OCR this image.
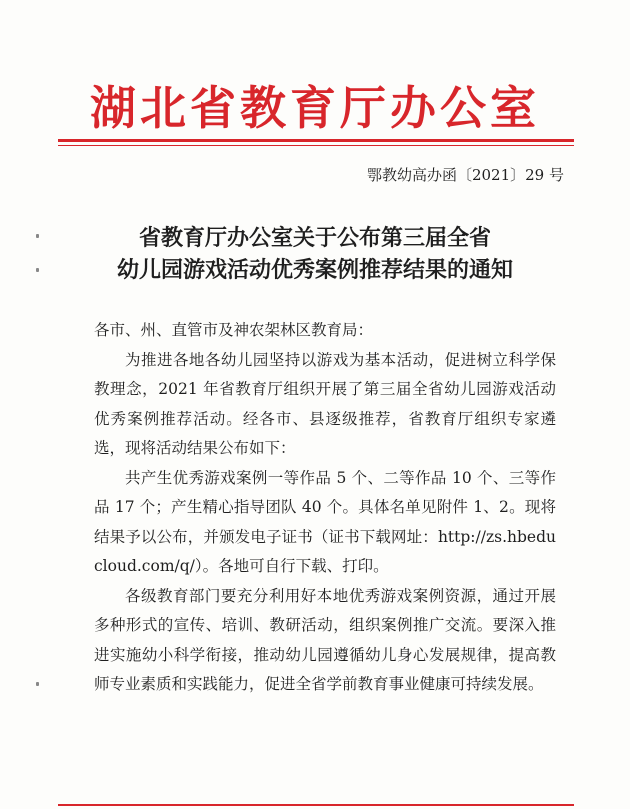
湖北省教育厅办公室
鄂教幼高办函〔2021〕29 号
省教育厅办公室关于公布第三届全省
幼儿园游戏活动优秀案例推荐结果的通知

各市、州、直管市及神农架林区教育局：

为推进各地各幼儿园坚持以游戏为基本活动，促进树立科学保教理念，2021 年省教育厅组织开展了第三届全省幼儿园游戏活动优秀案例推荐活动。经各市、县逐级推荐，省教育厅组织专家遴选，现将活动结果公布如下：

共产生优秀游戏案例一等作品 5 个、二等作品 10 个、三等作品 17 个；产生精心指导团队 40 个。具体名单见附件 1、2。现将结果予以公布，并颁发电子证书（证书下载网址：http://zs.hbeducloud.com/q/）。各地可自行下载、打印。

各级教育部门要充分利用好本地优秀游戏案例资源，通过开展多种形式的宣传、培训、教研活动，组织案例推广交流。要深入推进实施幼小科学衔接，推动幼儿园遵循幼儿身心发展规律，提高教师专业素质和实践能力，促进全省学前教育事业健康可持续发展。
